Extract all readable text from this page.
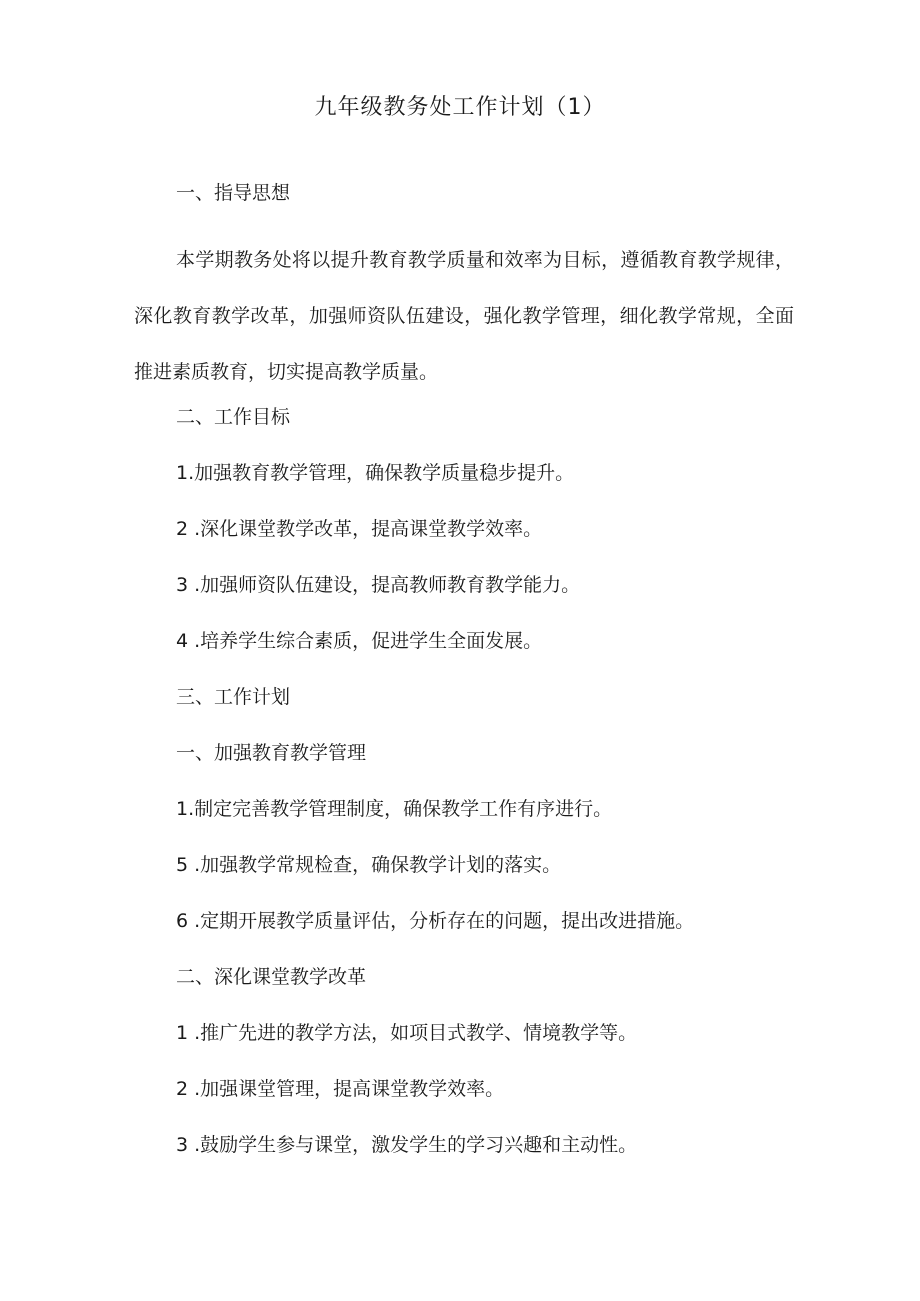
九年级教务处工作计划（1）
一、指导思想
本学期教务处将以提升教育教学质量和效率为目标，遵循教育教学规律，深化教育教学改革，加强师资队伍建设，强化教学管理，细化教学常规，全面推进素质教育，切实提高教学质量。
二、工作目标
1.加强教育教学管理，确保教学质量稳步提升。
2 .深化课堂教学改革，提高课堂教学效率。
3 .加强师资队伍建设，提高教师教育教学能力。
4 .培养学生综合素质，促进学生全面发展。
三、工作计划
一、加强教育教学管理
1.制定完善教学管理制度，确保教学工作有序进行。
5 .加强教学常规检查，确保教学计划的落实。
6 .定期开展教学质量评估，分析存在的问题，提出改进措施。
二、深化课堂教学改革
1 .推广先进的教学方法，如项目式教学、情境教学等。
2 .加强课堂管理，提高课堂教学效率。
3 .鼓励学生参与课堂，激发学生的学习兴趣和主动性。
